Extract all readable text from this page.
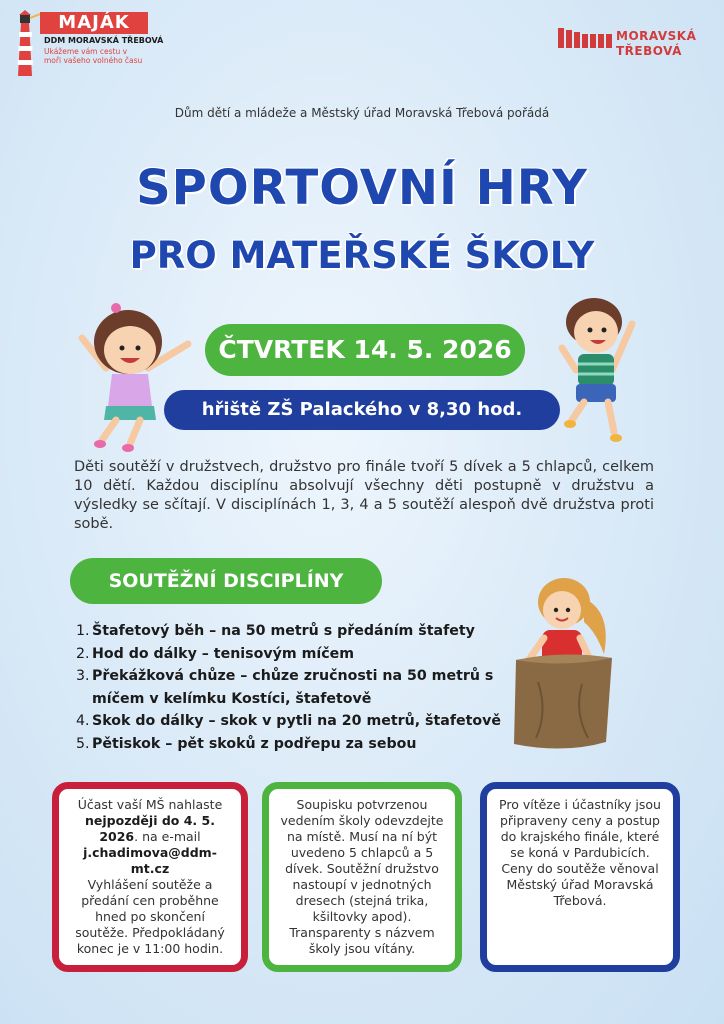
MAJÁK
DDM MORAVSKÁ TŘEBOVÁ
Ukážeme vám cestu v moři vašeho volného času
MORAVSKÁ
TŘEBOVÁ
Dům dětí a mládeže a Městský úřad Moravská Třebová pořádá
SPORTOVNÍ HRY
PRO MATEŘSKÉ ŠKOLY
ČTVRTEK 14. 5. 2026
hřiště ZŠ Palackého v 8,30 hod.
Děti soutěží v družstvech, družstvo pro finále tvoří 5 dívek a 5 chlapců, celkem 10 dětí. Každou disciplínu absolvují všechny děti postupně v družstvu a výsledky se sčítají. V disciplínách 1, 3, 4 a 5 soutěží alespoň dvě družstva proti sobě.
SOUTĚŽNÍ DISCIPLÍNY
1. Štafetový běh – na 50 metrů s předáním štafety
2. Hod do dálky – tenisovým míčem
3. Překážková chůze – chůze zručnosti na 50 metrů s míčem v kelímku Kostíci, štafetově
4. Skok do dálky – skok v pytli na 20 metrů, štafetově
5. Pětiskok – pět skoků z podřepu za sebou
Účast vaší MŠ nahlaste
nejpozději do 4. 5. 2026. na e-mail
j.chadimova@ddm-mt.cz
Vyhlášení soutěže a předání cen proběhne hned po skončení soutěže. Předpokládaný konec je v 11:00 hodin.
Soupisku potvrzenou vedením školy odevzdejte na místě. Musí na ní být uvedeno 5 chlapců a 5 dívek. Soutěžní družstvo nastoupí v jednotných dresech (stejná trika, kšiltovky apod). Transparenty s názvem školy jsou vítány.
Pro vítěze i účastníky jsou připraveny ceny a postup do krajského finále, které se koná v Pardubicích. Ceny do soutěže věnoval Městský úřad Moravská Třebová.
